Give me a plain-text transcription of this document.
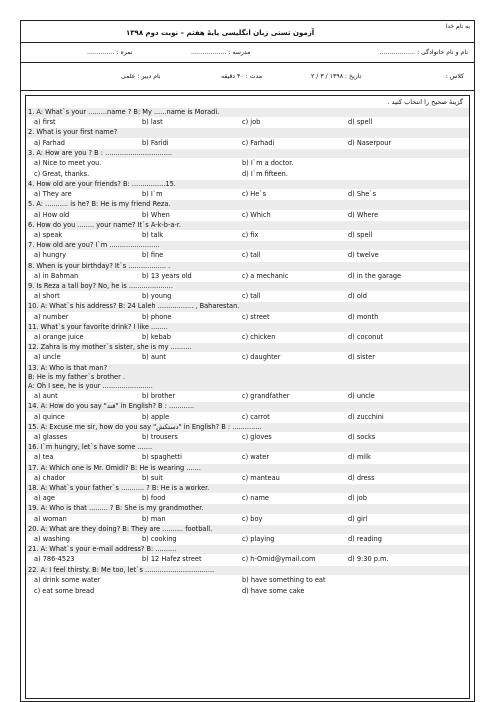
به نام خدا
آزمون تستی زبان انگلیسی پایهٔ هفتم – نوبت دوم ۱۳۹۸
نام و نام خانوادگی : ..................
مدرسه : ..................
نمره : ..............
کلاس :
تاریخ : ۱۳۹۸ / ۳ / ۲
مدت : ۴۰ دقیقه
نام دبیر : علمی
گزینهٔ صحیح را انتخاب کنید .
1. A: What`s your .........name ? B: My ......name is Moradi.
a) first	b) last	c) job	d) spell
2. What is your first name?
a) Farhad	b) Faridi	c) Farhadi	d) Naserpour
3. A: How are you ? B : ................................
a) Nice to meet you.	b) I`m a doctor.
c) Great, thanks.	d) I`m fifteen.
4. How old are your friends? B: ................15.
a) They are	b) I`m	c) He`s	d) She`s
5. A: ........... is he? B: He is my friend Reza.
a) How old	b) When	c) Which	d) Where
6. How do you ........ your name? It`s A-k-b-a-r.
a) speak	b) talk	c) fix	d) spell
7. How old are you? I`m ........................
a) hungry	b) fine	c) tall	d) twelve
8. When is your birthday? It`s .................. .
a) in Bahman	b) 13 years old	c) a mechanic	d) in the garage
9. Is Reza a tall boy? No, he is .....................
a) short	b) young	c) tall	d) old
10. A: What`s his address? B: 24 Laleh ................. , Baharestan.
a) number	b) phone	c) street	d) month
11. What`s your favorite drink? I like ........
a) orange juice	b) kebab	c) chicken	d) coconut
12. Zahra is my mother`s sister, she is my ..........
a) uncle	b) aunt	c) daughter	d) sister
13. A: Who is that man?
B: He is my father`s brother .
A: Oh I see, he is your ........................
a) aunt	b) brother	c) grandfather	d) uncle
14. A: How do you say "قند" in English? B : ............
a) quince	b) apple	c) carrot	d) zucchini
15. A: Excuse me sir, how do you say "دستکش" in English? B : ..............
a) glasses	b) trousers	c) gloves	d) socks
16. I`m hungry, let`s have some .......
a) tea	b) spaghetti	c) water	d) milk
17. A: Which one is Mr. Omidi? B: He is wearing .......
a) chador	b) suit	c) manteau	d) dress
18. A: What`s your father`s ........... ? B: He is a worker.
a) age	b) food	c) name	d) job
19. A: Who is that ......... ? B: She is my grandmother.
a) woman	b) man	c) boy	d) girl
20. A: What are they doing? B: They are .......... football.
a) washing	b) cooking	c) playing	d) reading
21. A: What`s your e-mail address? B: ..........
a) 786-4523	b) 12 Hafez street	c) h-Omid@ymail.com	d) 9:30 p.m.
22. A: I feel thirsty. B: Me too, let`s .................................
a) drink some water	b) have something to eat
c) eat some bread	d) have some cake
